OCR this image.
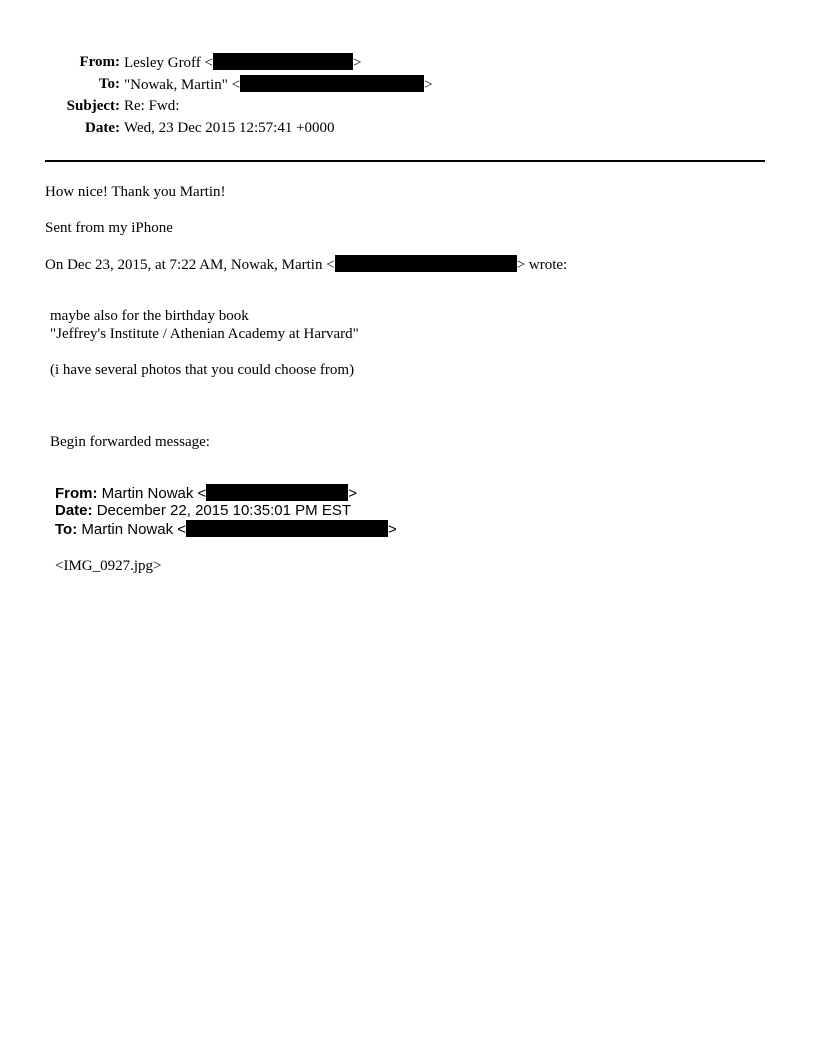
From: Lesley Groff <	>
To: "Nowak, Martin" <	>
Subject: Re: Fwd:
Date: Wed, 23 Dec 2015 12:57:41 +0000
How nice! Thank you Martin!
Sent from my iPhone
On Dec 23, 2015, at 7:22 AM, Nowak, Martin <	> wrote:
maybe also for the birthday book
"Jeffrey's Institute / Athenian Academy at Harvard"
(i have several photos that you could choose from)
Begin forwarded message:
From: Martin Nowak <	>
Date: December 22, 2015 10:35:01 PM EST
To: Martin Nowak <	>
<IMG_0927.jpg>
